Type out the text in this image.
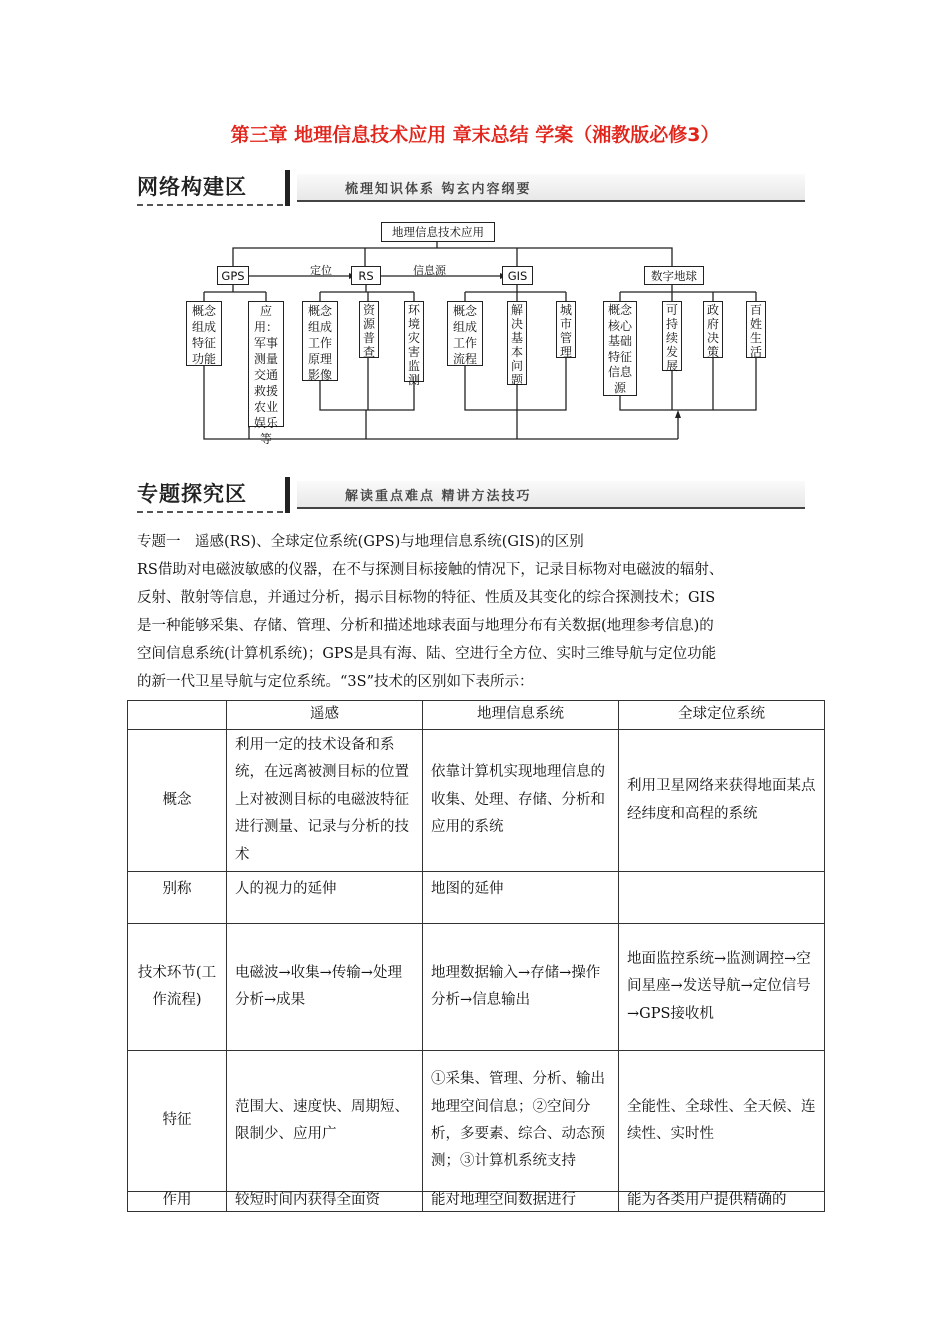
第三章 地理信息技术应用 章末总结 学案（湘教版必修3）
网络构建区	梳理知识体系 钩玄内容纲要
地理信息技术应用
GPS	RS	GIS	数字地球
定位	信息源
概念组成特征功能
应用：军事测量交通救援农业娱乐等
概念组成工作原理影像
资源普查
环境灾害监测
概念组成工作流程
解决基本问题
城市管理
概念核心基础特征信息源
可持续发展
政府决策
百姓生活
专题探究区	解读重点难点 精讲方法技巧
专题一　遥感(RS)、全球定位系统(GPS)与地理信息系统(GIS)的区别
RS借助对电磁波敏感的仪器，在不与探测目标接触的情况下，记录目标物对电磁波的辐射、
反射、散射等信息，并通过分析，揭示目标物的特征、性质及其变化的综合探测技术；GIS
是一种能够采集、存储、管理、分析和描述地球表面与地理分布有关数据(地理参考信息)的
空间信息系统(计算机系统)；GPS是具有海、陆、空进行全方位、实时三维导航与定位功能
的新一代卫星导航与定位系统。“3S”技术的区别如下表所示：
	遥感	地理信息系统	全球定位系统
概念	利用一定的技术设备和系统，在远离被测目标的位置上对被测目标的电磁波特征进行测量、记录与分析的技术	依靠计算机实现地理信息的收集、处理、存储、分析和应用的系统	利用卫星网络来获得地面某点经纬度和高程的系统
别称	人的视力的延伸	地图的延伸	
技术环节(工作流程)	电磁波→收集→传输→处理分析→成果	地理数据输入→存储→操作分析→信息输出	地面监控系统→监测调控→空间星座→发送导航→定位信号→GPS接收机
特征	范围大、速度快、周期短、限制少、应用广	①采集、管理、分析、输出地理空间信息；②空间分析，多要素、综合、动态预测；③计算机系统支持	全能性、全球性、全天候、连续性、实时性
作用	较短时间内获得全面资	能对地理空间数据进行	能为各类用户提供精确的
